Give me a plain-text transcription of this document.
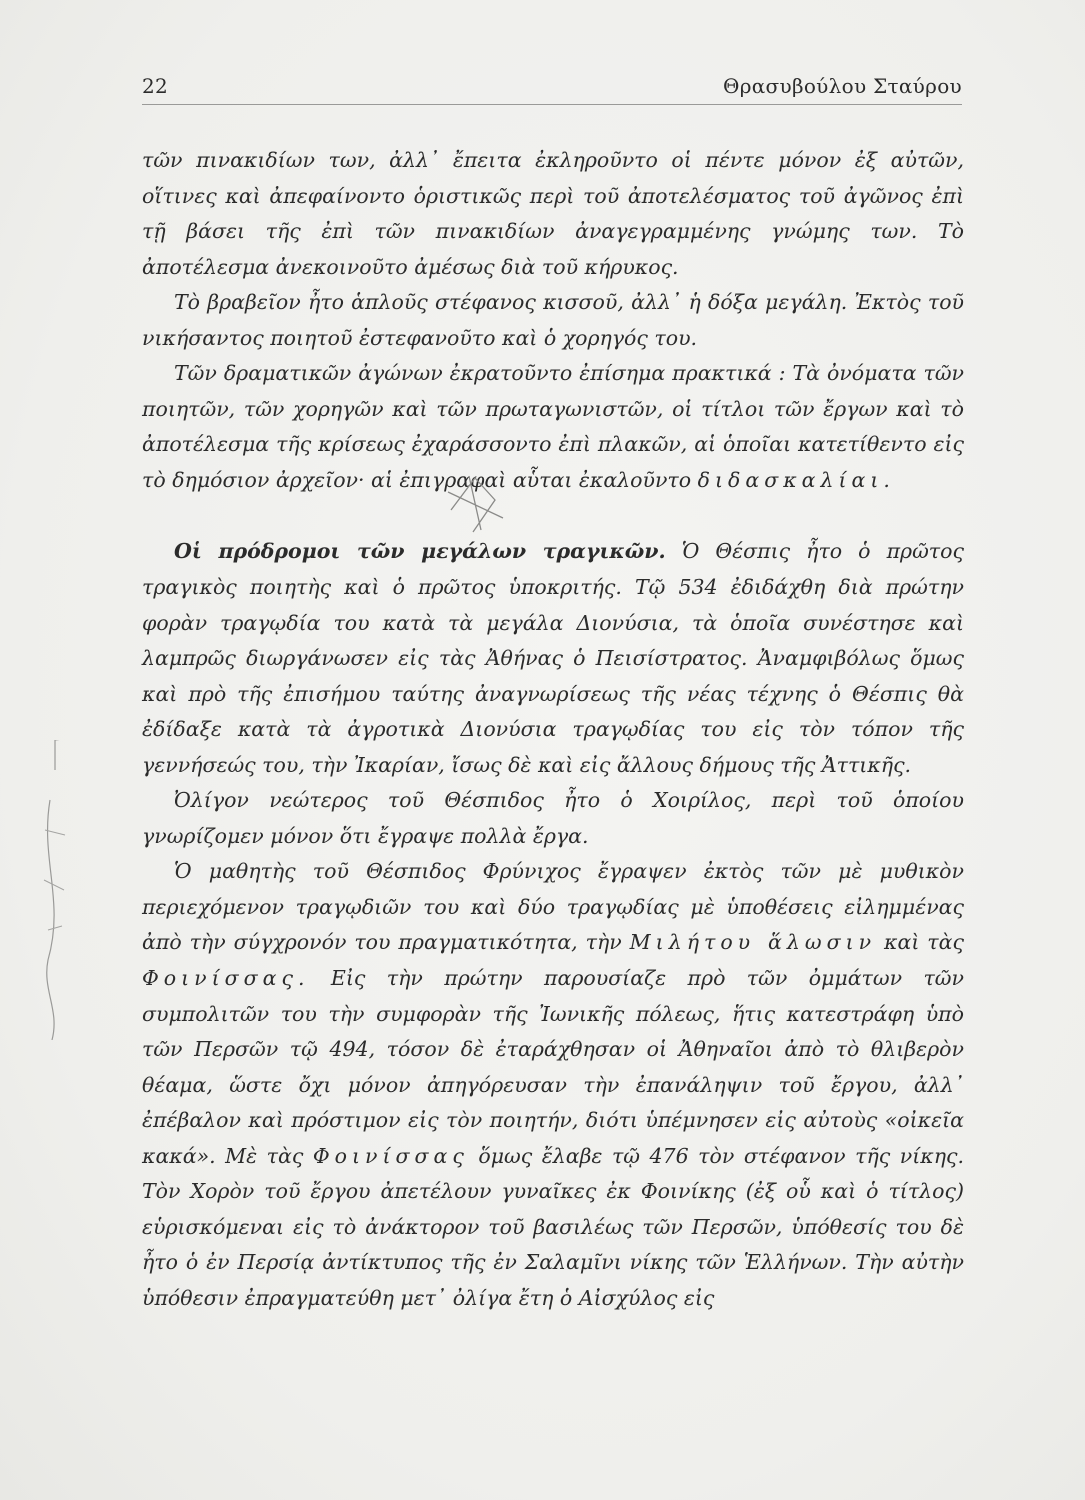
22	Θρασυβούλου Σταύρου

τῶν πινακιδίων των, ἀλλ᾽ ἔπειτα ἐκληροῦντο οἱ πέντε μόνον ἐξ αὐτῶν, οἵτινες καὶ ἀπεφαίνοντο ὁριστικῶς περὶ τοῦ ἀποτελέσματος τοῦ ἀγῶνος ἐπὶ τῇ βάσει τῆς ἐπὶ τῶν πινακιδίων ἀναγεγραμμένης γνώμης των. Τὸ ἀποτέλεσμα ἀνεκοινοῦτο ἀμέσως διὰ τοῦ κήρυκος.

Τὸ βραβεῖον ἦτο ἁπλοῦς στέφανος κισσοῦ, ἀλλ᾽ ἡ δόξα μεγάλη. Ἐκτὸς τοῦ νικήσαντος ποιητοῦ ἐστεφανοῦτο καὶ ὁ χορηγός του.

Τῶν δραματικῶν ἀγώνων ἐκρατοῦντο ἐπίσημα πρακτικά : Τὰ ὀνόματα τῶν ποιητῶν, τῶν χορηγῶν καὶ τῶν πρωταγωνιστῶν, οἱ τίτλοι τῶν ἔργων καὶ τὸ ἀποτέλεσμα τῆς κρίσεως ἐχαράσσοντο ἐπὶ πλακῶν, αἱ ὁποῖαι κατετίθεντο εἰς τὸ δημόσιον ἀρχεῖον· αἱ ἐπιγραφαὶ αὗται ἐκαλοῦντο διδασκαλίαι.

Οἱ πρόδρομοι τῶν μεγάλων τραγικῶν. Ὁ Θέσπις ἦτο ὁ πρῶτος τραγικὸς ποιητὴς καὶ ὁ πρῶτος ὑποκριτής. Τῷ 534 ἐδιδάχθη διὰ πρώτην φορὰν τραγῳδία του κατὰ τὰ μεγάλα Διονύσια, τὰ ὁποῖα συνέστησε καὶ λαμπρῶς διωργάνωσεν εἰς τὰς Ἀθήνας ὁ Πεισίστρατος. Ἀναμφιβόλως ὅμως καὶ πρὸ τῆς ἐπισήμου ταύτης ἀναγνωρίσεως τῆς νέας τέχνης ὁ Θέσπις θὰ ἐδίδαξε κατὰ τὰ ἀγροτικὰ Διονύσια τραγῳδίας του εἰς τὸν τόπον τῆς γεννήσεώς του, τὴν Ἰκαρίαν, ἴσως δὲ καὶ εἰς ἄλλους δήμους τῆς Ἀττικῆς.

Ὀλίγον νεώτερος τοῦ Θέσπιδος ἦτο ὁ Χοιρίλος, περὶ τοῦ ὁποίου γνωρίζομεν μόνον ὅτι ἔγραψε πολλὰ ἔργα.

Ὁ μαθητὴς τοῦ Θέσπιδος Φρύνιχος ἔγραψεν ἐκτὸς τῶν μὲ μυθικὸν περιεχόμενον τραγῳδιῶν του καὶ δύο τραγῳδίας μὲ ὑποθέσεις εἰλημμένας ἀπὸ τὴν σύγχρονόν του πραγματικότητα, τὴν Μιλήτου ἅλωσιν καὶ τὰς Φοινίσσας. Εἰς τὴν πρώτην παρουσίαζε πρὸ τῶν ὀμμάτων τῶν συμπολιτῶν του τὴν συμφορὰν τῆς Ἰωνικῆς πόλεως, ἥτις κατεστράφη ὑπὸ τῶν Περσῶν τῷ 494, τόσον δὲ ἐταράχθησαν οἱ Ἀθηναῖοι ἀπὸ τὸ θλιβερὸν θέαμα, ὥστε ὄχι μόνον ἀπηγόρευσαν τὴν ἐπανάληψιν τοῦ ἔργου, ἀλλ᾽ ἐπέβαλον καὶ πρόστιμον εἰς τὸν ποιητήν, διότι ὑπέμνησεν εἰς αὐτοὺς «οἰκεῖα κακά». Μὲ τὰς Φοινίσσας ὅμως ἔλαβε τῷ 476 τὸν στέφανον τῆς νίκης. Τὸν Χορὸν τοῦ ἔργου ἀπετέλουν γυναῖκες ἐκ Φοινίκης (ἐξ οὗ καὶ ὁ τίτλος) εὑρισκόμεναι εἰς τὸ ἀνάκτορον τοῦ βασιλέως τῶν Περσῶν, ὑπόθεσίς του δὲ ἦτο ὁ ἐν Περσίᾳ ἀντίκτυπος τῆς ἐν Σαλαμῖνι νίκης τῶν Ἑλλήνων. Τὴν αὐτὴν ὑπόθεσιν ἐπραγματεύθη μετ᾽ ὀλίγα ἔτη ὁ Αἰσχύλος εἰς
